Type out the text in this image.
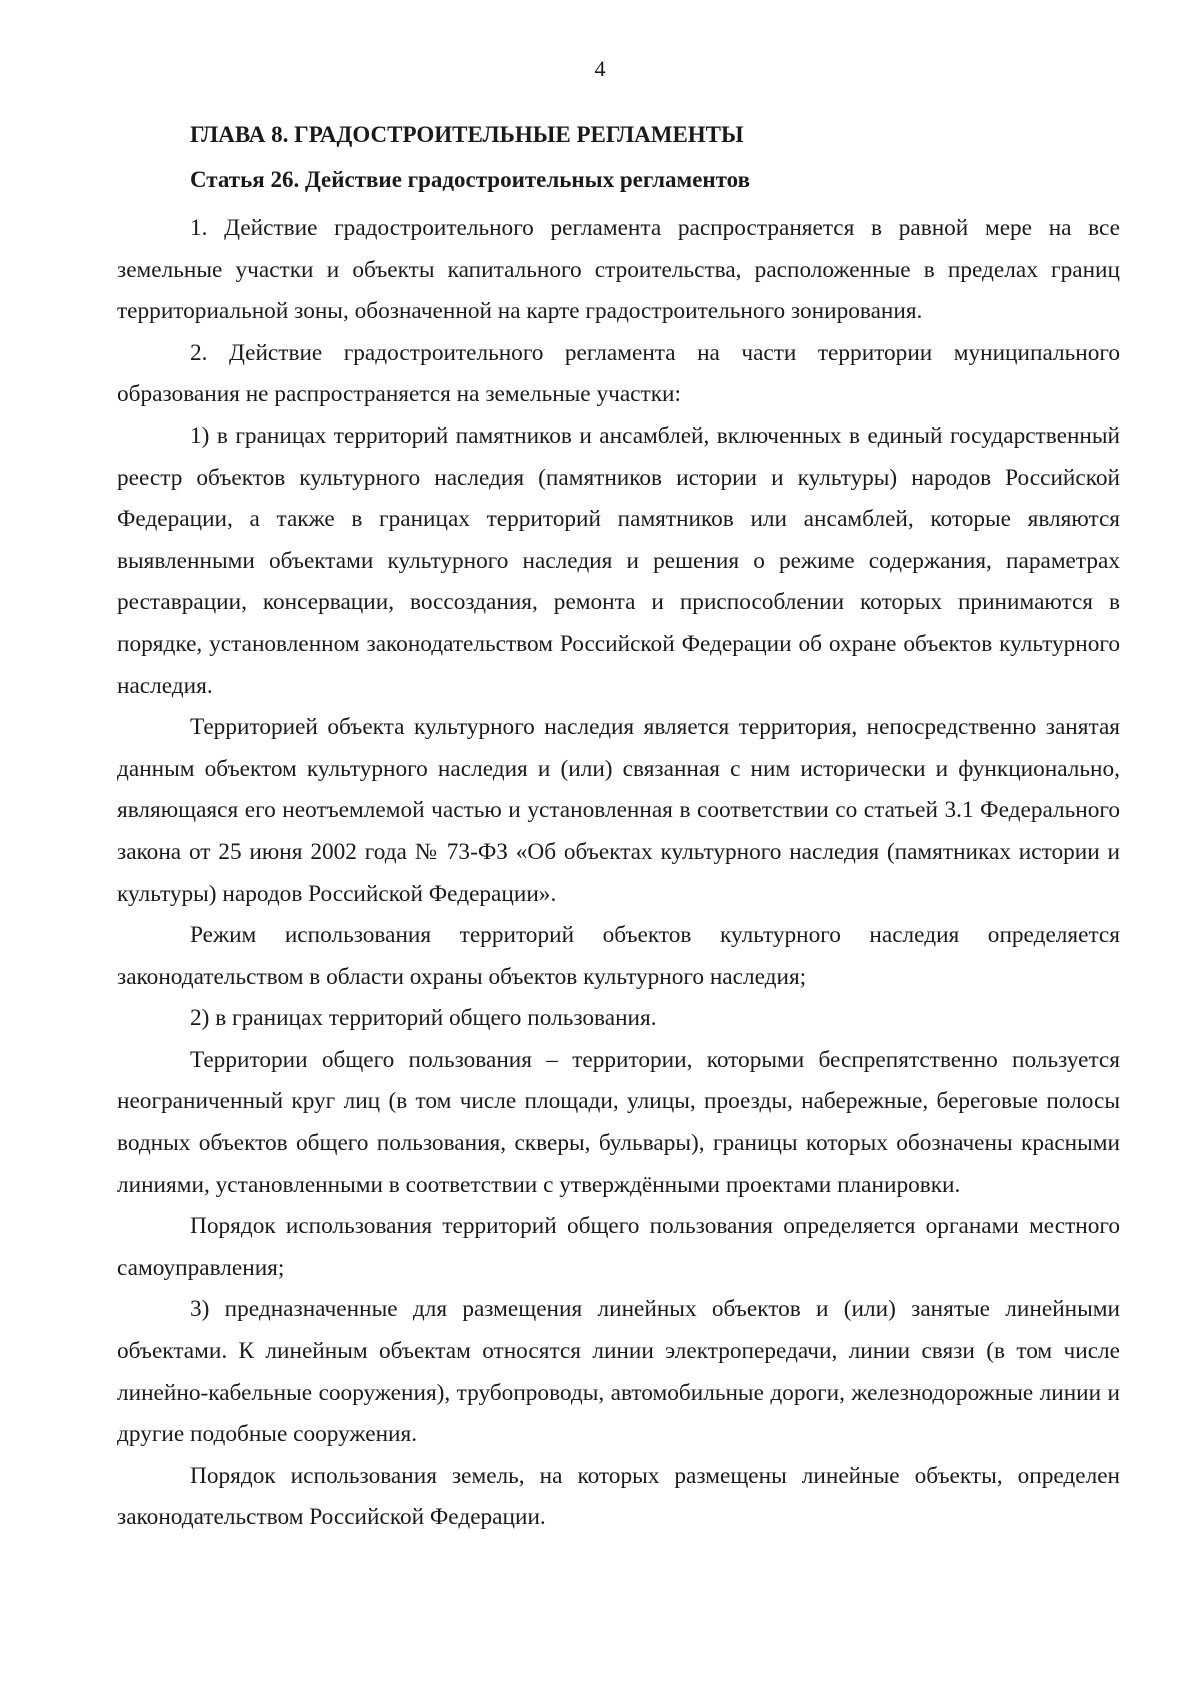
4
ГЛАВА 8. ГРАДОСТРОИТЕЛЬНЫЕ РЕГЛАМЕНТЫ
Статья 26. Действие градостроительных регламентов

1. Действие градостроительного регламента распространяется в равной мере на все земельные участки и объекты капитального строительства, расположенные в пределах границ территориальной зоны, обозначенной на карте градостроительного зонирования.

2. Действие градостроительного регламента на части территории муниципального образования не распространяется на земельные участки:

1) в границах территорий памятников и ансамблей, включенных в единый государственный реестр объектов культурного наследия (памятников истории и культуры) народов Российской Федерации, а также в границах территорий памятников или ансамблей, которые являются выявленными объектами культурного наследия и решения о режиме содержания, параметрах реставрации, консервации, воссоздания, ремонта и приспособлении которых принимаются в порядке, установленном законодательством Российской Федерации об охране объектов культурного наследия.

Территорией объекта культурного наследия является территория, непосредственно занятая данным объектом культурного наследия и (или) связанная с ним исторически и функционально, являющаяся его неотъемлемой частью и установленная в соответствии со статьей 3.1 Федерального закона от 25 июня 2002 года № 73-ФЗ «Об объектах культурного наследия (памятниках истории и культуры) народов Российской Федерации».

Режим использования территорий объектов культурного наследия определяется законодательством в области охраны объектов культурного наследия;

2) в границах территорий общего пользования.

Территории общего пользования – территории, которыми беспрепятственно пользуется неограниченный круг лиц (в том числе площади, улицы, проезды, набережные, береговые полосы водных объектов общего пользования, скверы, бульвары), границы которых обозначены красными линиями, установленными в соответствии с утверждёнными проектами планировки.

Порядок использования территорий общего пользования определяется органами местного самоуправления;

3) предназначенные для размещения линейных объектов и (или) занятые линейными объектами. К линейным объектам относятся линии электропередачи, линии связи (в том числе линейно-кабельные сооружения), трубопроводы, автомобильные дороги, железнодорожные линии и другие подобные сооружения.

Порядок использования земель, на которых размещены линейные объекты, определен законодательством Российской Федерации.
